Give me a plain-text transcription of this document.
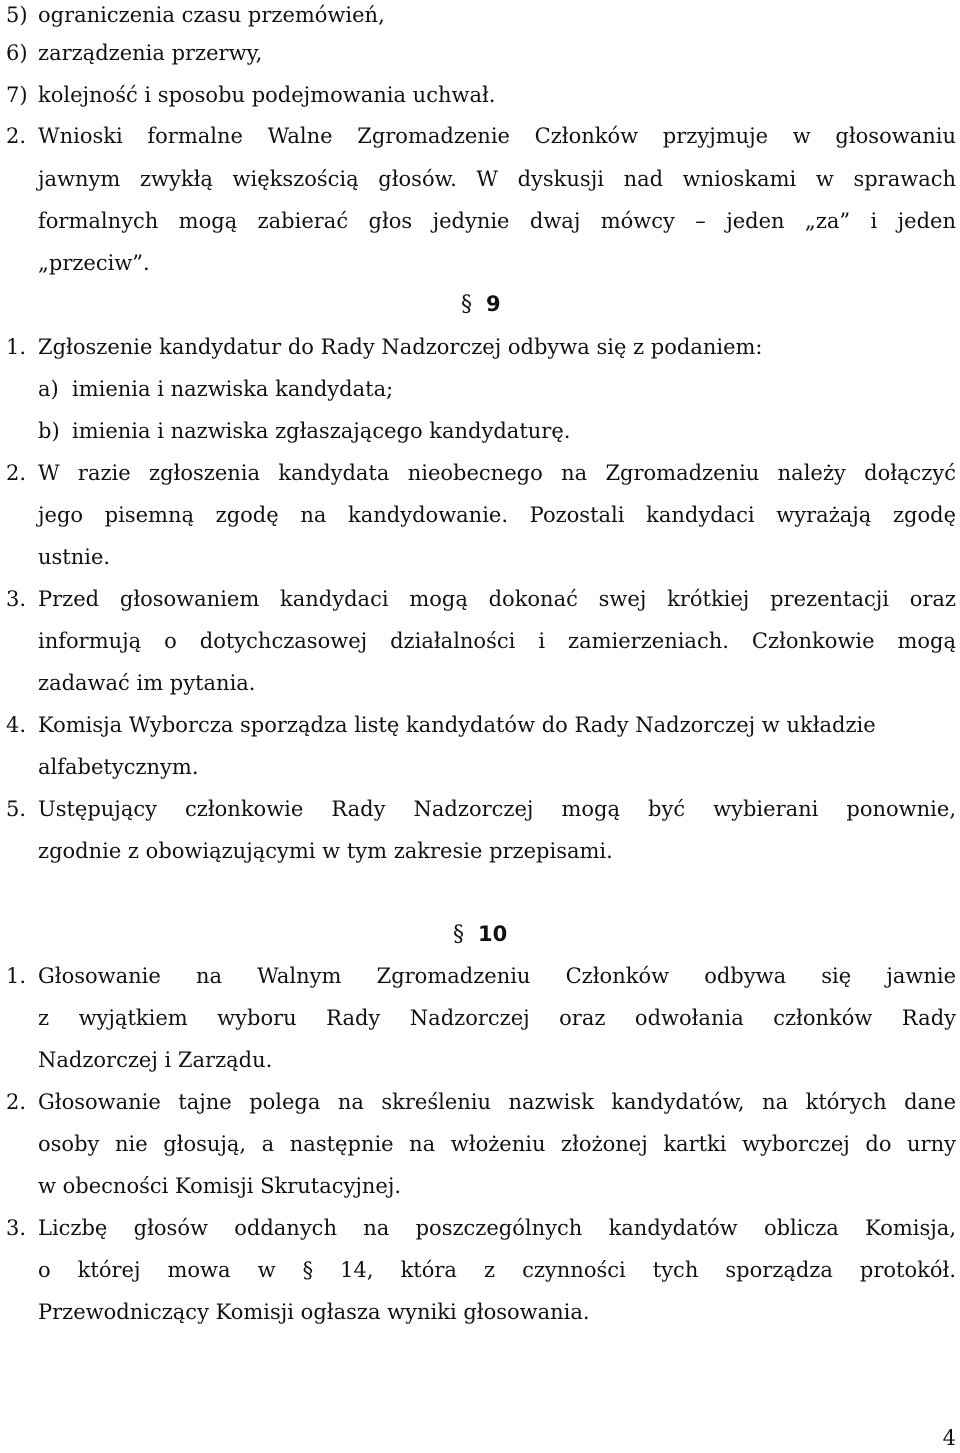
5) ograniczenia czasu przemówień,
6) zarządzenia przerwy,
7) kolejność i sposobu podejmowania uchwał.
2. Wnioski formalne Walne Zgromadzenie Członków przyjmuje w głosowaniu
jawnym zwykłą większością głosów. W dyskusji nad wnioskami w sprawach
formalnych mogą zabierać głos jedynie dwaj mówcy – jeden „za” i jeden
„przeciw”.
§ 9
1. Zgłoszenie kandydatur do Rady Nadzorczej odbywa się z podaniem:
a) imienia i nazwiska kandydata;
b) imienia i nazwiska zgłaszającego kandydaturę.
2. W razie zgłoszenia kandydata nieobecnego na Zgromadzeniu należy dołączyć
jego pisemną zgodę na kandydowanie. Pozostali kandydaci wyrażają zgodę
ustnie.
3. Przed głosowaniem kandydaci mogą dokonać swej krótkiej prezentacji oraz
informują o dotychczasowej działalności i zamierzeniach. Członkowie mogą
zadawać im pytania.
4. Komisja Wyborcza sporządza listę kandydatów do Rady Nadzorczej w układzie
alfabetycznym.
5. Ustępujący członkowie Rady Nadzorczej mogą być wybierani ponownie,
zgodnie z obowiązującymi w tym zakresie przepisami.
§ 10
1. Głosowanie na Walnym Zgromadzeniu Członków odbywa się jawnie
z wyjątkiem wyboru Rady Nadzorczej oraz odwołania członków Rady
Nadzorczej i Zarządu.
2. Głosowanie tajne polega na skreśleniu nazwisk kandydatów, na których dane
osoby nie głosują, a następnie na włożeniu złożonej kartki wyborczej do urny
w obecności Komisji Skrutacyjnej.
3. Liczbę głosów oddanych na poszczególnych kandydatów oblicza Komisja,
o której mowa w § 14, która z czynności tych sporządza protokół.
Przewodniczący Komisji ogłasza wyniki głosowania.
4
